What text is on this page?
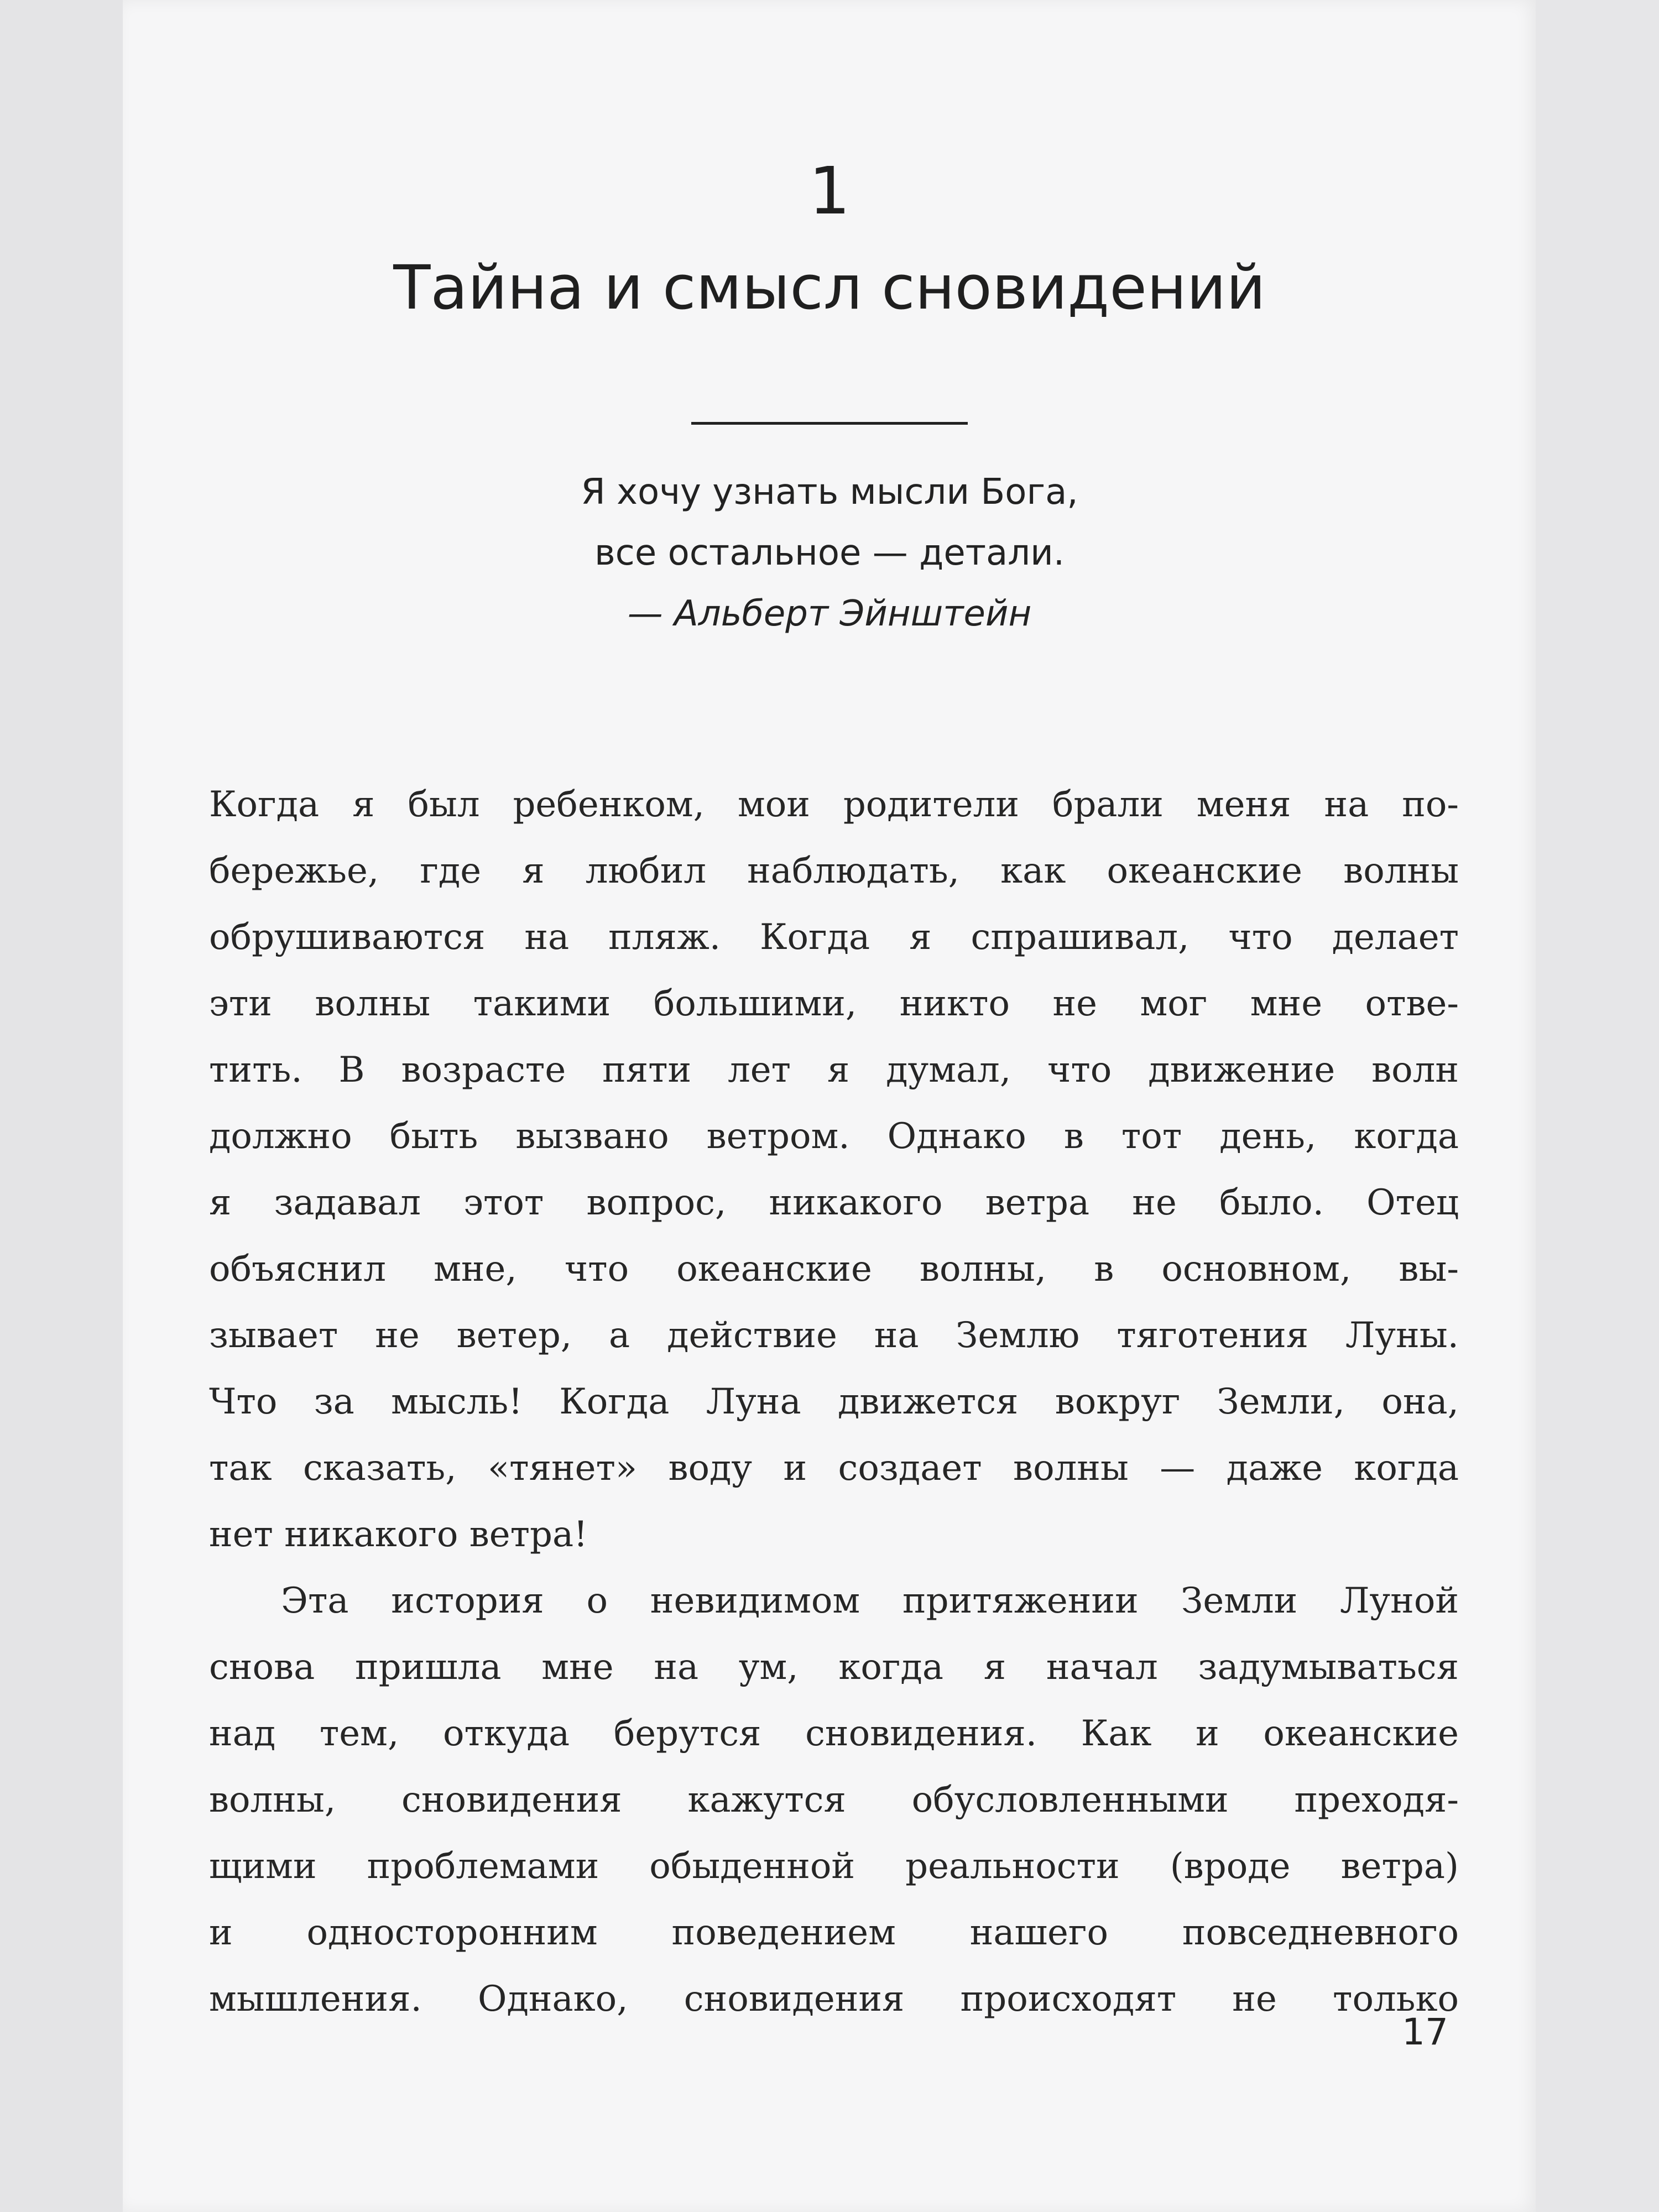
1
Тайна и смысл сновидений
Я хочу узнать мысли Бога,
все остальное — детали.
— Альберт Эйнштейн
Когда я был ребенком, мои родители брали меня на по-
бережье, где я любил наблюдать, как океанские волны
обрушиваются на пляж. Когда я спрашивал, что делает
эти волны такими большими, никто не мог мне отве-
тить. В возрасте пяти лет я думал, что движение волн
должно быть вызвано ветром. Однако в тот день, когда
я задавал этот вопрос, никакого ветра не было. Отец
объяснил мне, что океанские волны, в основном, вы-
зывает не ветер, а действие на Землю тяготения Луны.
Что за мысль! Когда Луна движется вокруг Земли, она,
так сказать, «тянет» воду и создает волны — даже когда
нет никакого ветра!
Эта история о невидимом притяжении Земли Луной
снова пришла мне на ум, когда я начал задумываться
над тем, откуда берутся сновидения. Как и океанские
волны, сновидения кажутся обусловленными преходя-
щими проблемами обыденной реальности (вроде ветра)
и односторонним поведением нашего повседневного
мышления. Однако, сновидения происходят не только
17
